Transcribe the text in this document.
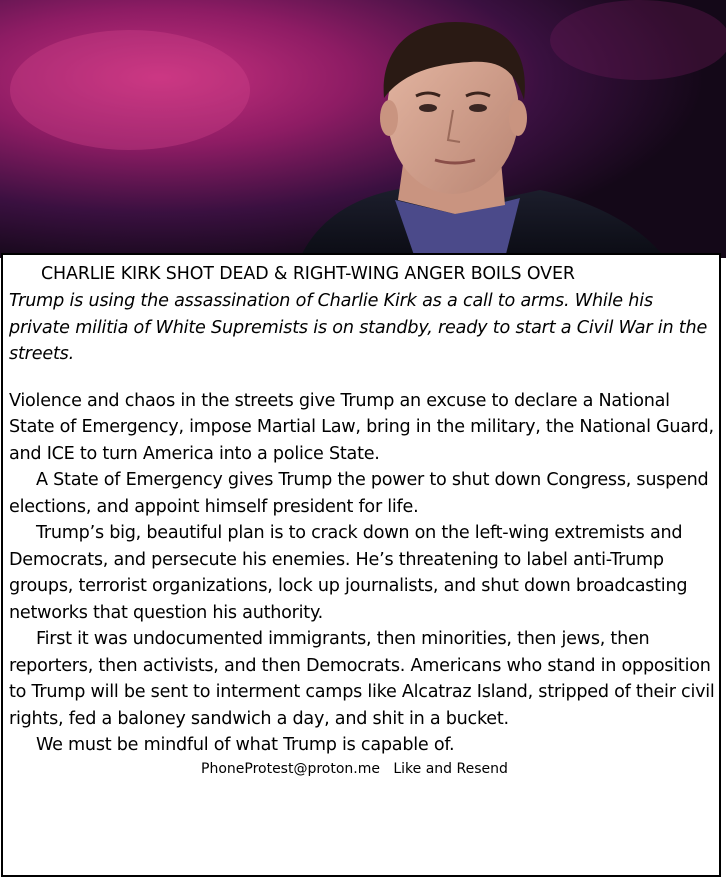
CHARLIE KIRK SHOT DEAD & RIGHT-WING ANGER BOILS OVER
Trump is using the assassination of Charlie Kirk as a call to arms. While his private militia of White Supremists is on standby, ready to start a Civil War in the streets.

Violence and chaos in the streets give Trump an excuse to declare a National State of Emergency, impose Martial Law, bring in the military, the National Guard, and ICE to turn America into a police State.

A State of Emergency gives Trump the power to shut down Congress, suspend elections, and appoint himself president for life.

Trump’s big, beautiful plan is to crack down on the left-wing extremists and Democrats, and persecute his enemies. He’s threatening to label anti-Trump groups, terrorist organizations, lock up journalists, and shut down broadcasting networks that question his authority.

First it was undocumented immigrants, then minorities, then jews, then reporters, then activists, and then Democrats. Americans who stand in opposition to Trump will be sent to interment camps like Alcatraz Island, stripped of their civil rights, fed a baloney sandwich a day, and shit in a bucket.

We must be mindful of what Trump is capable of.

PhoneProtest@proton.me Like and Resend
